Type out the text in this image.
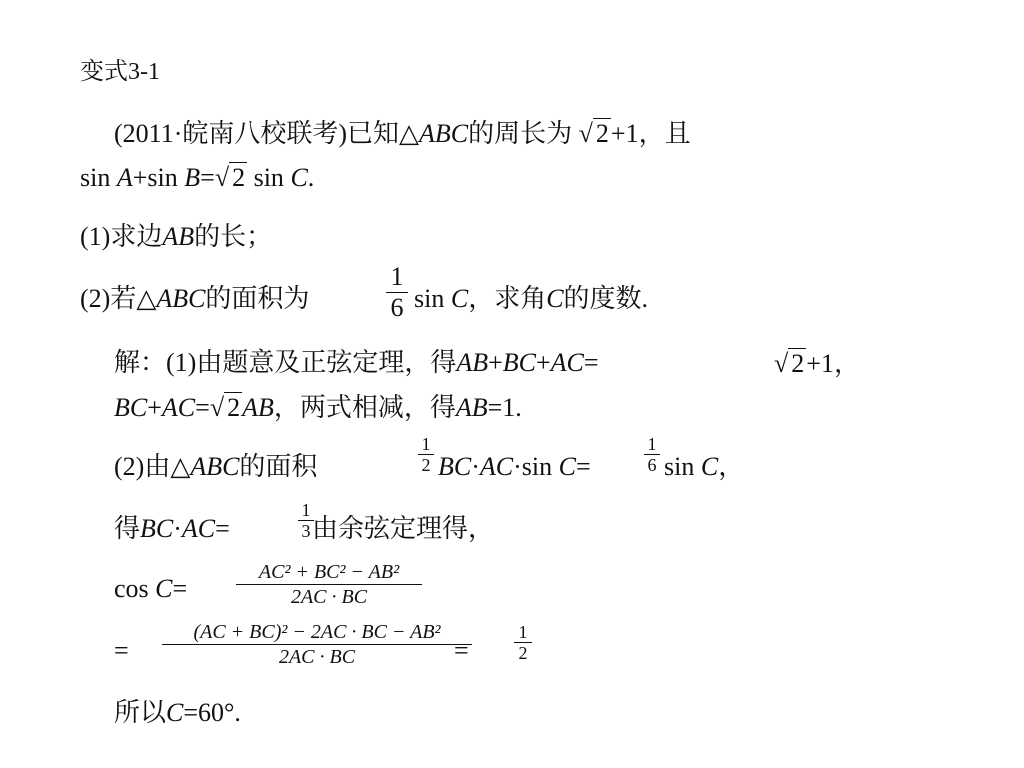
变式3-1
(2011·皖南八校联考)已知△ABC的周长为 √ 2+1，且
sin A+sin B=√ 2 sin C.
(1)求边AB的长；
(2)若△ABC的面积为
1
6 sin C，求角C的度数.
解：(1)由题意及正弦定理，得AB+BC+AC=	√ 2+1，
BC+AC=√ 2AB，两式相减，得AB=1.
(2)由△ABC的面积
1
2 BC·AC·sin C=
1
6 sin C，
得BC·AC=
1
3 由余弦定理得，
cos C=
AC² + BC² − AB²
2AC · BC
=
(AC + BC)² − 2AC · BC − AB²
2AC · BC	=
1
2
所以C=60°.
